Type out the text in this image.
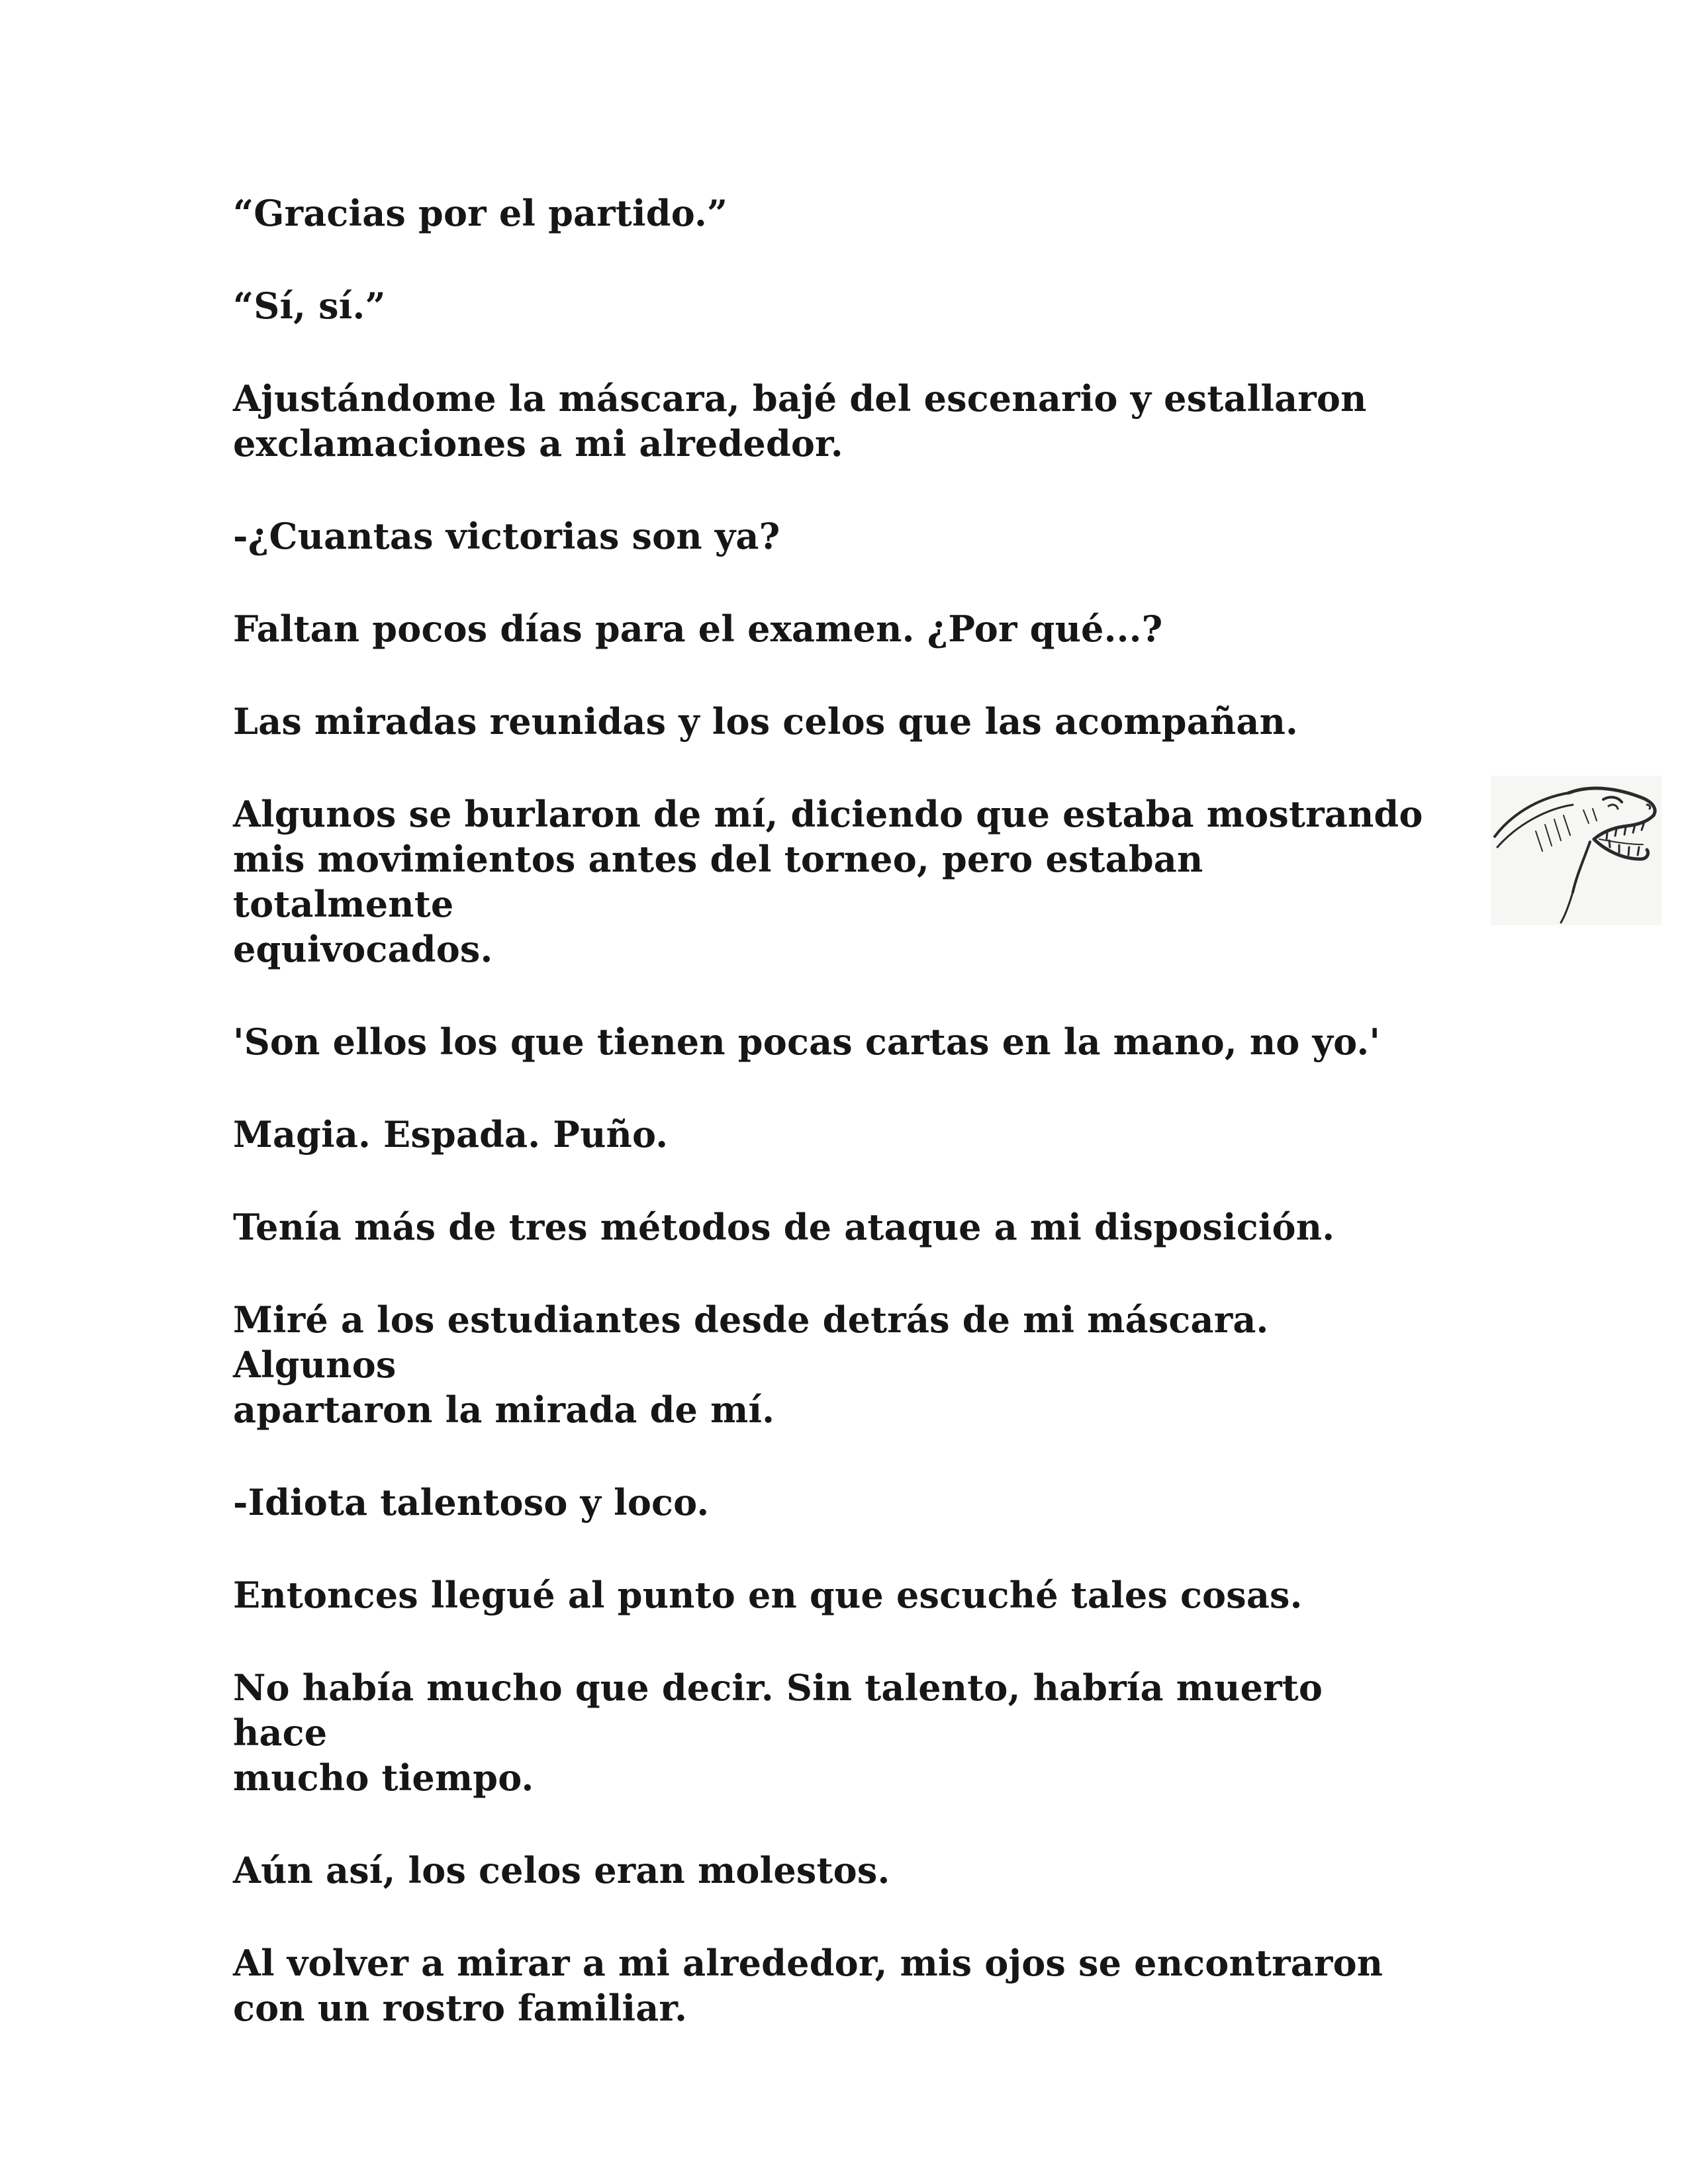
“Gracias por el partido.”

“Sí, sí.”

Ajustándome la máscara, bajé del escenario y estallaron
exclamaciones a mi alrededor.

-¿Cuantas victorias son ya?

Faltan pocos días para el examen. ¿Por qué...?

Las miradas reunidas y los celos que las acompañan.

Algunos se burlaron de mí, diciendo que estaba mostrando
mis movimientos antes del torneo, pero estaban totalmente
equivocados.

'Son ellos los que tienen pocas cartas en la mano, no yo.'

Magia. Espada. Puño.

Tenía más de tres métodos de ataque a mi disposición.

Miré a los estudiantes desde detrás de mi máscara. Algunos
apartaron la mirada de mí.

-Idiota talentoso y loco.

Entonces llegué al punto en que escuché tales cosas.

No había mucho que decir. Sin talento, habría muerto hace
mucho tiempo.

Aún así, los celos eran molestos.

Al volver a mirar a mi alrededor, mis ojos se encontraron
con un rostro familiar.
